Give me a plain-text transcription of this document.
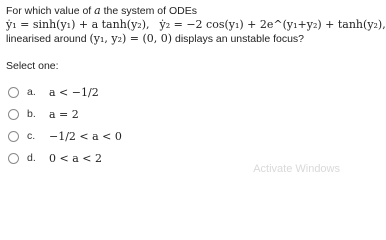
For which value of a the system of ODEs

ẏ₁ = sinh(y₁) + a tanh(y₂), ẏ₂ = −2 cos(y₁) + 2e^(y₁+y₂) + tanh(y₂),

linearised around (y₁, y₂) = (0, 0) displays an unstable focus?

Select one:
a.	a < −1/2
b.	a = 2
c.	−1/2 < a < 0
d.	0 < a < 2
Activate Windows
